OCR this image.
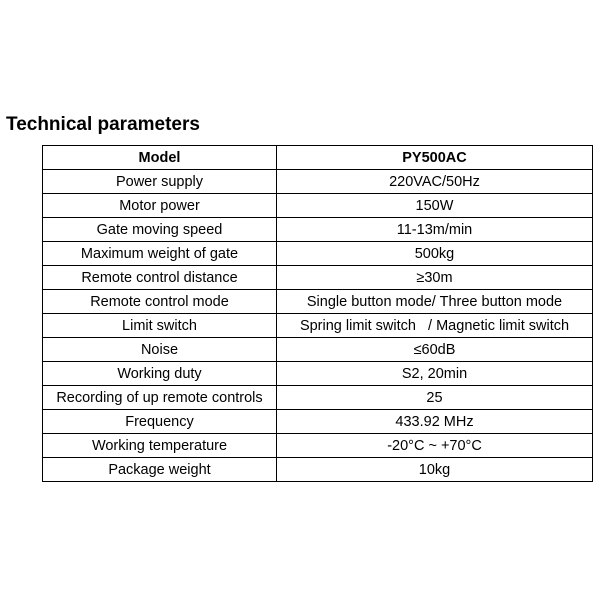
Technical parameters
Model	PY500AC
Power supply	220VAC/50Hz
Motor power	150W
Gate moving speed	11-13m/min
Maximum weight of gate	500kg
Remote control distance	≥30m
Remote control mode	Single button mode/ Three button mode
Limit switch	Spring limit switch   / Magnetic limit switch
Noise	≤60dB
Working duty	S2, 20min
Recording of up remote controls	25
Frequency	433.92 MHz
Working temperature	-20°C ~ +70°C
Package weight	10kg
